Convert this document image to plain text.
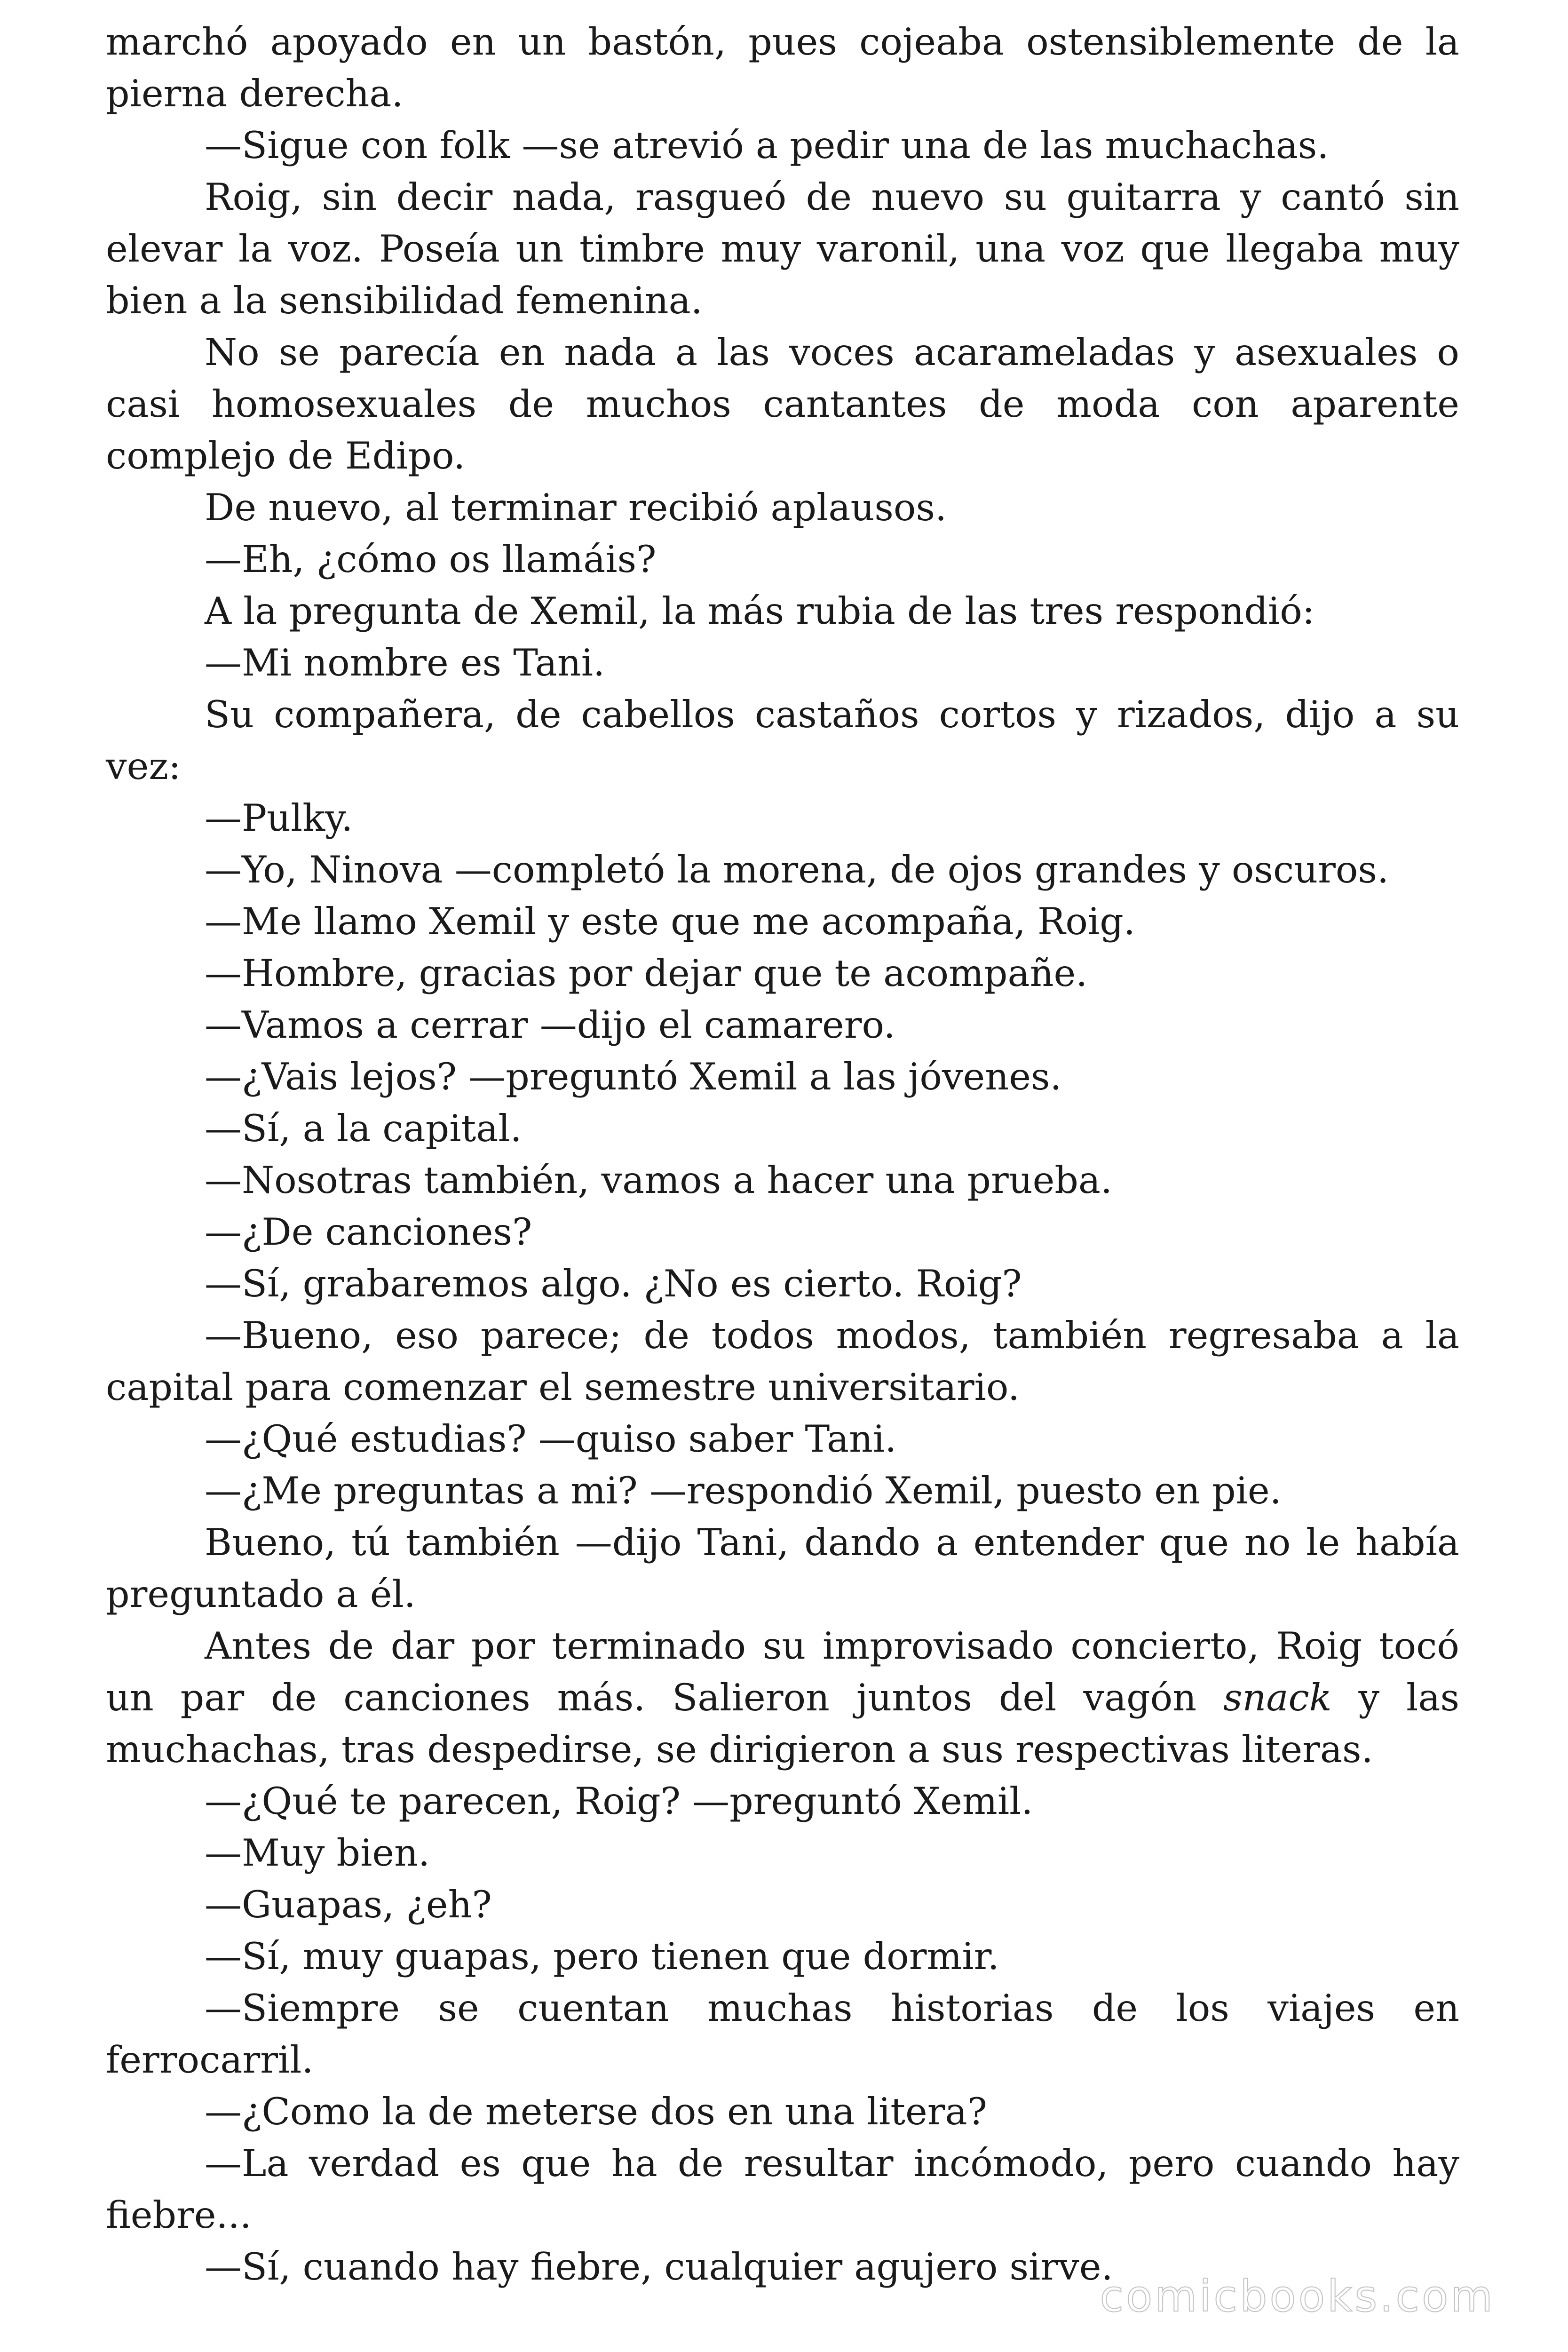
marchó apoyado en un bastón, pues cojeaba ostensiblemente de la pierna derecha.

—Sigue con folk —se atrevió a pedir una de las muchachas.

Roig, sin decir nada, rasgueó de nuevo su guitarra y cantó sin elevar la voz. Poseía un timbre muy varonil, una voz que llegaba muy bien a la sensibilidad femenina.

No se parecía en nada a las voces acarameladas y asexuales o casi homosexuales de muchos cantantes de moda con aparente complejo de Edipo.

De nuevo, al terminar recibió aplausos.

—Eh, ¿cómo os llamáis?

A la pregunta de Xemil, la más rubia de las tres respondió:

—Mi nombre es Tani.

Su compañera, de cabellos castaños cortos y rizados, dijo a su vez:

—Pulky.

—Yo, Ninova —completó la morena, de ojos grandes y oscuros.

—Me llamo Xemil y este que me acompaña, Roig.

—Hombre, gracias por dejar que te acompañe.

—Vamos a cerrar —dijo el camarero.

—¿Vais lejos? —preguntó Xemil a las jóvenes.

—Sí, a la capital.

—Nosotras también, vamos a hacer una prueba.

—¿De canciones?

—Sí, grabaremos algo. ¿No es cierto. Roig?

—Bueno, eso parece; de todos modos, también regresaba a la capital para comenzar el semestre universitario.

—¿Qué estudias? —quiso saber Tani.

—¿Me preguntas a mi? —respondió Xemil, puesto en pie.

Bueno, tú también —dijo Tani, dando a entender que no le había preguntado a él.

Antes de dar por terminado su improvisado concierto, Roig tocó un par de canciones más. Salieron juntos del vagón snack y las muchachas, tras despedirse, se dirigieron a sus respectivas literas.

—¿Qué te parecen, Roig? —preguntó Xemil.

—Muy bien.

—Guapas, ¿eh?

—Sí, muy guapas, pero tienen que dormir.

—Siempre se cuentan muchas historias de los viajes en ferrocarril.

—¿Como la de meterse dos en una litera?

—La verdad es que ha de resultar incómodo, pero cuando hay fiebre...

—Sí, cuando hay fiebre, cualquier agujero sirve.

comicbooks.com
